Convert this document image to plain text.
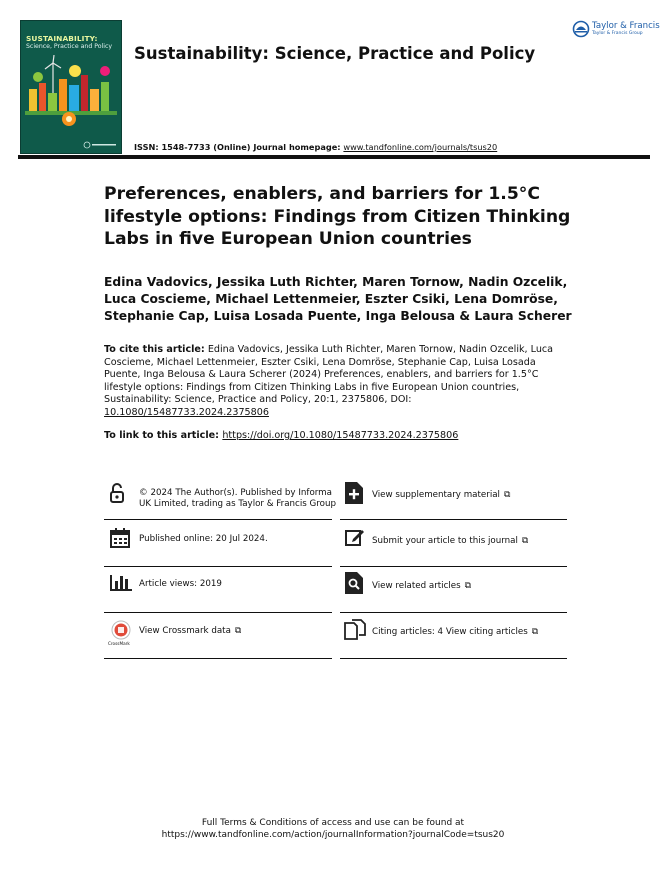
SUSTAINABILITY:
Science, Practice and Policy Sustainability: Science, Practice and Policy
Taylor & Francis
Taylor & Francis Group
ISSN: 1548-7733 (Online) Journal homepage: www.tandfonline.com/journals/tsus20
Preferences, enablers, and barriers for 1.5°C lifestyle options: Findings from Citizen Thinking Labs in five European Union countries
Edina Vadovics, Jessika Luth Richter, Maren Tornow, Nadin Ozcelik, Luca Coscieme, Michael Lettenmeier, Eszter Csiki, Lena Domröse, Stephanie Cap, Luisa Losada Puente, Inga Belousa & Laura Scherer
To cite this article: Edina Vadovics, Jessika Luth Richter, Maren Tornow, Nadin Ozcelik, Luca Coscieme, Michael Lettenmeier, Eszter Csiki, Lena Domröse, Stephanie Cap, Luisa Losada Puente, Inga Belousa & Laura Scherer (2024) Preferences, enablers, and barriers for 1.5°C lifestyle options: Findings from Citizen Thinking Labs in five European Union countries, Sustainability: Science, Practice and Policy, 20:1, 2375806, DOI: 10.1080/15487733.2024.2375806
To link to this article: https://doi.org/10.1080/15487733.2024.2375806
© 2024 The Author(s). Published by Informa UK Limited, trading as Taylor & Francis Group
Published online: 20 Jul 2024.
Article views: 2019
CrossMark
View Crossmark data ⧉
View supplementary material ⧉
Submit your article to this journal ⧉
View related articles ⧉
Citing articles: 4 View citing articles ⧉
Full Terms & Conditions of access and use can be found at
https://www.tandfonline.com/action/journalInformation?journalCode=tsus20
